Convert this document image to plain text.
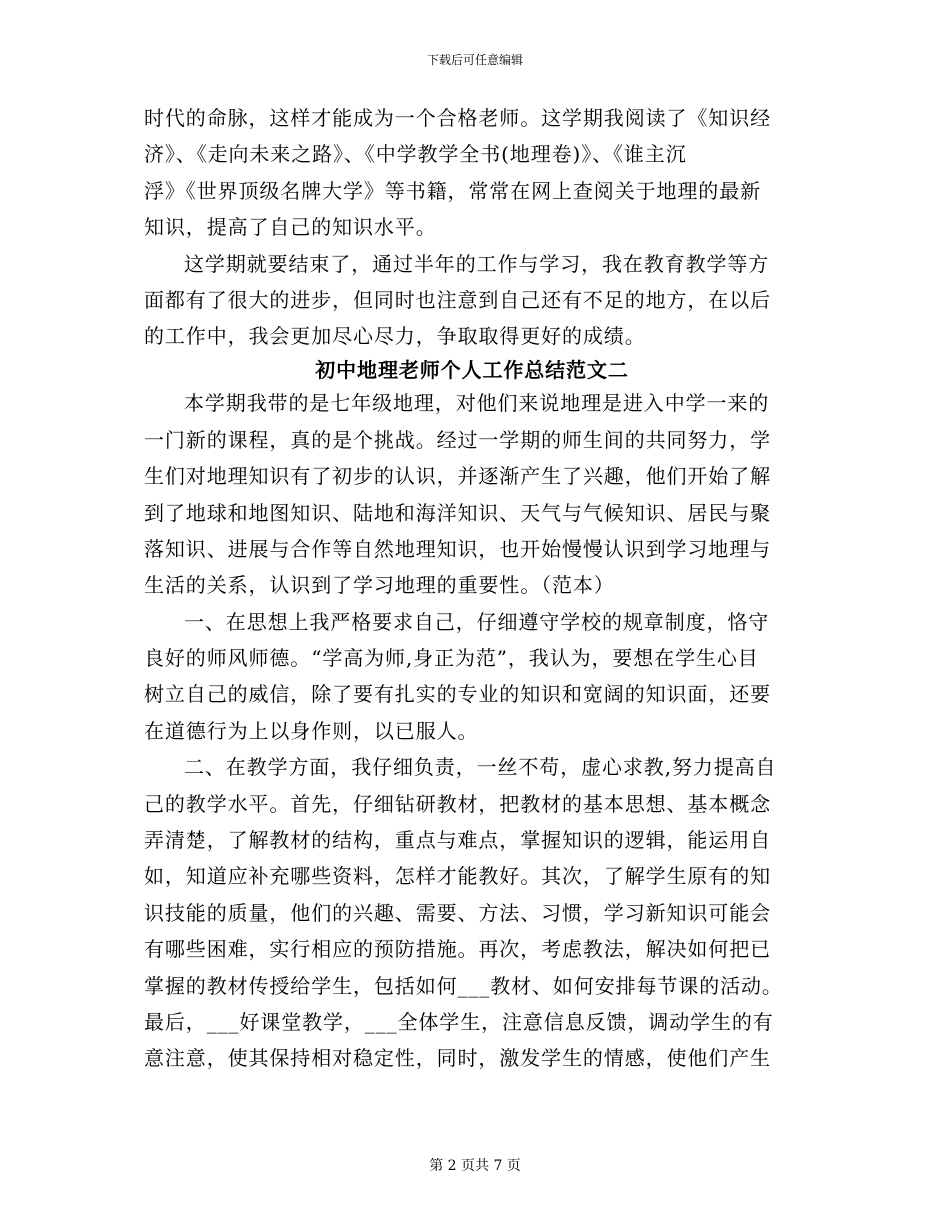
下载后可任意编辑
时代的命脉，这样才能成为一个合格老师。这学期我阅读了《知识经
济》、《走向未来之路》、《中学教学全书(地理卷)》、《谁主沉
浮》《世界顶级名牌大学》等书籍，常常在网上查阅关于地理的最新
知识，提高了自己的知识水平。
这学期就要结束了，通过半年的工作与学习，我在教育教学等方
面都有了很大的进步，但同时也注意到自己还有不足的地方，在以后
的工作中，我会更加尽心尽力，争取取得更好的成绩。
初中地理老师个人工作总结范文二
本学期我带的是七年级地理，对他们来说地理是进入中学一来的
一门新的课程，真的是个挑战。经过一学期的师生间的共同努力，学
生们对地理知识有了初步的认识，并逐渐产生了兴趣，他们开始了解
到了地球和地图知识、陆地和海洋知识、天气与气候知识、居民与聚
落知识、进展与合作等自然地理知识，也开始慢慢认识到学习地理与
生活的关系，认识到了学习地理的重要性。（范本）
一、在思想上我严格要求自己，仔细遵守学校的规章制度，恪守
良好的师风师德。“学高为师,身正为范”，我认为，要想在学生心目
树立自己的威信，除了要有扎实的专业的知识和宽阔的知识面，还要
在道德行为上以身作则，以已服人。
二、在教学方面，我仔细负责，一丝不苟，虚心求教,努力提高自
己的教学水平。首先，仔细钻研教材，把教材的基本思想、基本概念
弄清楚，了解教材的结构，重点与难点，掌握知识的逻辑，能运用自
如，知道应补充哪些资料，怎样才能教好。其次，了解学生原有的知
识技能的质量，他们的兴趣、需要、方法、习惯，学习新知识可能会
有哪些困难，实行相应的预防措施。再次，考虑教法，解决如何把已
掌握的教材传授给学生，包括如何___教材、如何安排每节课的活动。
最后，___好课堂教学，___全体学生，注意信息反馈，调动学生的有
意注意，使其保持相对稳定性，同时，激发学生的情感，使他们产生
第 2 页共 7 页
